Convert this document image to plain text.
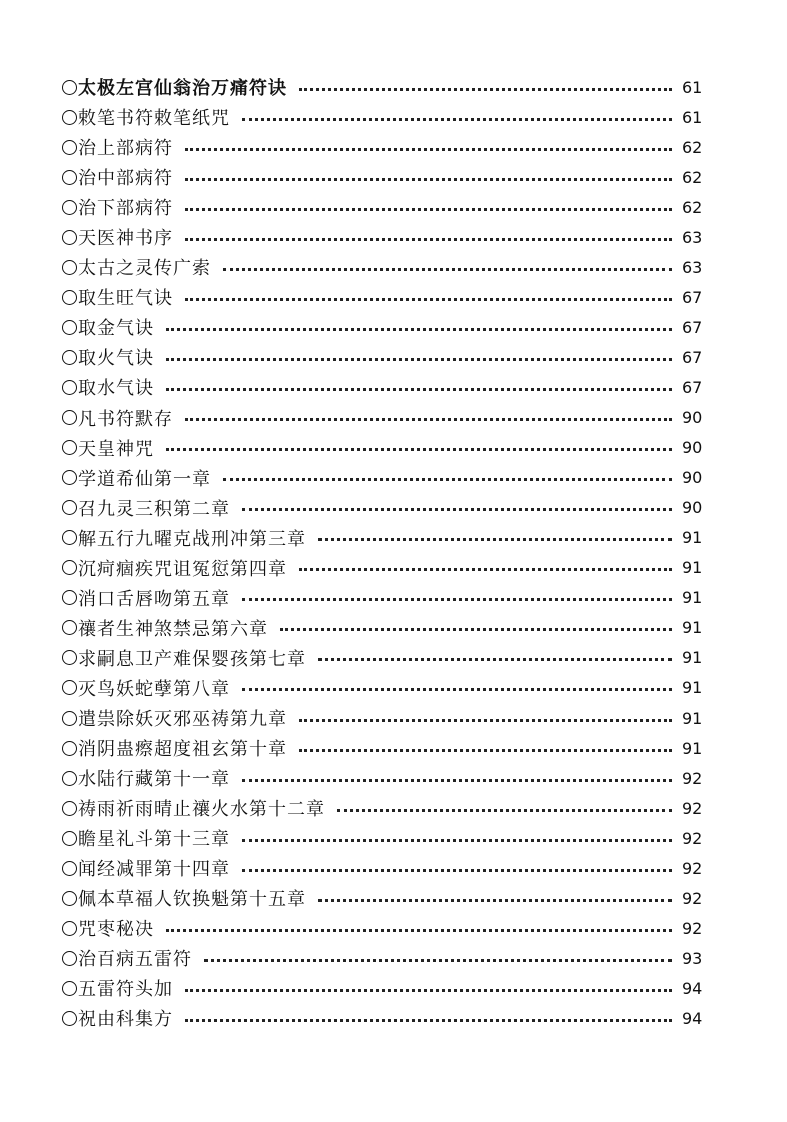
太极左宫仙翁治万痛符诀	61
敕笔书符敕笔纸咒	61
治上部病符	62
治中部病符	62
治下部病符	62
天医神书序	63
太古之灵传广索	63
取生旺气诀	67
取金气诀	67
取火气诀	67
取水气诀	67
凡书符默存	90
天皇神咒	90
学道希仙第一章	90
召九灵三积第二章	90
解五行九曜克战刑冲第三章	91
沉疴痼疾咒诅冤愆第四章	91
消口舌唇吻第五章	91
禳者生神煞禁忌第六章	91
求嗣息卫产难保婴孩第七章	91
灭鸟妖蛇孽第八章	91
遣祟除妖灭邪巫祷第九章	91
消阴蛊瘵超度祖玄第十章	91
水陆行藏第十一章	92
祷雨祈雨晴止禳火水第十二章	92
瞻星礼斗第十三章	92
闻经减罪第十四章	92
佩本草福人钦换魁第十五章	92
咒枣秘决	92
治百病五雷符	93
五雷符头加	94
祝由科集方	94
